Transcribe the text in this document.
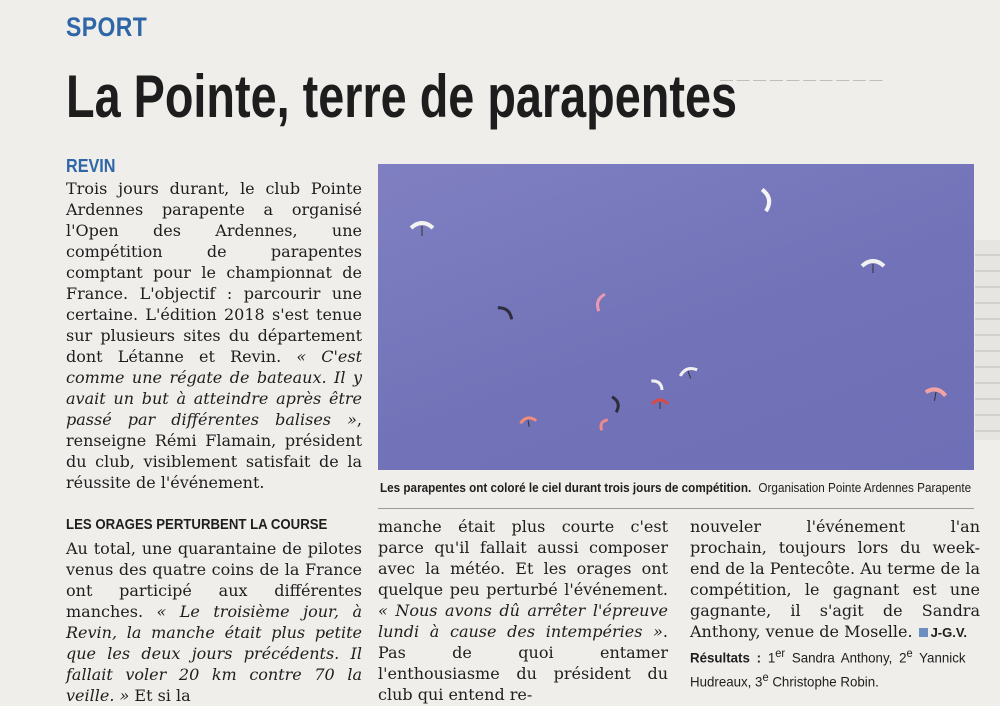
— — — — — — — — — —
SPORT
La Pointe, terre de parapentes
REVIN

Trois jours durant, le club Pointe Ardennes parapente a organisé l'Open des Ardennes, une compétition de parapentes comptant pour le championnat de France. L'objectif : parcourir une certaine. L'édition 2018 s'est tenue sur plusieurs sites du département dont Létanne et Revin. « C'est comme une régate de bateaux. Il y avait un but à atteindre après être passé par différentes balises », renseigne Rémi Flamain, président du club, visiblement satisfait de la réussite de l'événement.

LES ORAGES PERTURBENT LA COURSE

Au total, une quarantaine de pilotes venus des quatre coins de la France ont participé aux différentes manches. « Le troisième jour, à Revin, la manche était plus petite que les deux jours précédents. Il fallait voler 20 km contre 70 la veille. » Et si la

Les parapentes ont coloré le ciel durant trois jours de compétition. Organisation Pointe Ardennes Parapente

manche était plus courte c'est parce qu'il fallait aussi composer avec la météo. Et les orages ont quelque peu perturbé l'événement. « Nous avons dû arrêter l'épreuve lundi à cause des intempéries ». Pas de quoi entamer l'enthousiasme du président du club qui entend re-

nouveler l'événement l'an prochain, toujours lors du week-end de la Pentecôte. Au terme de la compétition, le gagnant est une gagnante, il s'agit de Sandra Anthony, venue de Moselle. J-G.V.

Résultats : 1er Sandra Anthony, 2e Yannick Hudreaux, 3e Christophe Robin.
